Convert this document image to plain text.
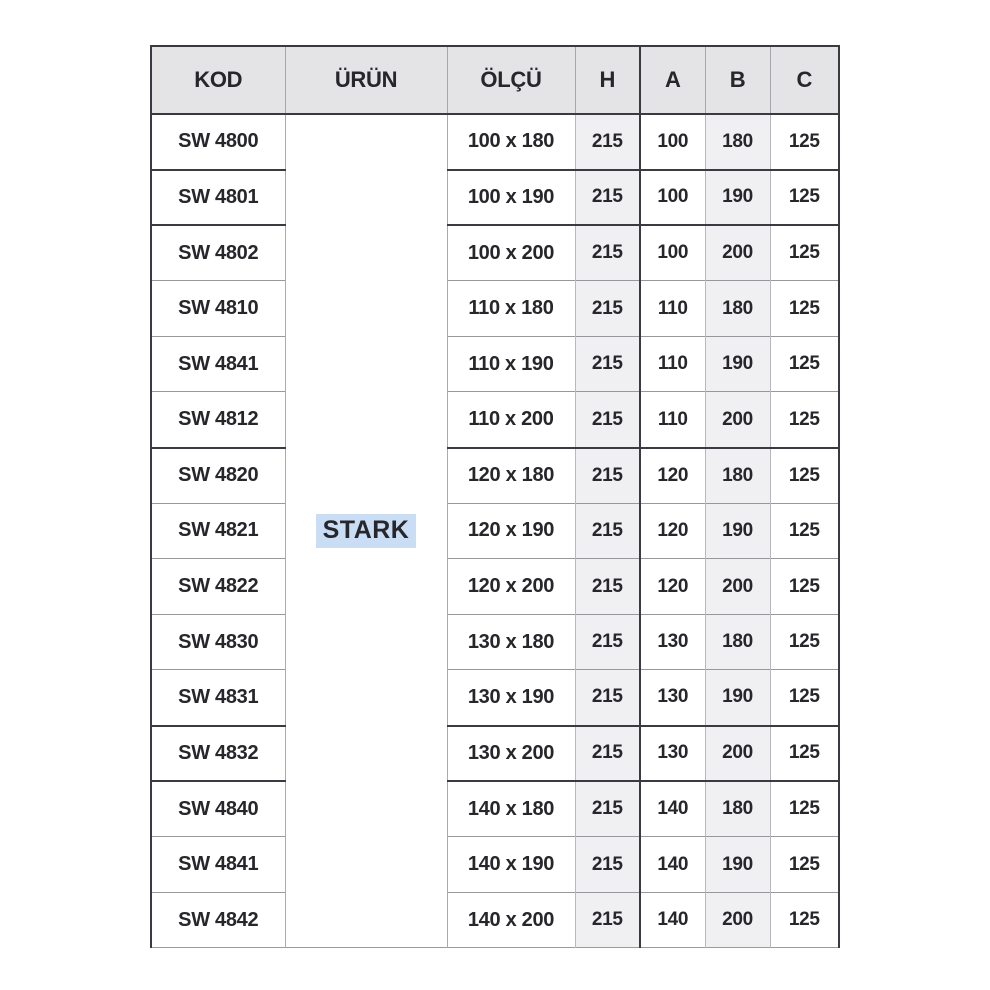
KOD	ÜRÜN	ÖLÇÜ	H	A	B	C
SW 4800	STARK	100 x 180	215	100	180	125
SW 4801		100 x 190	215	100	190	125
SW 4802		100 x 200	215	100	200	125
SW 4810		110 x 180	215	110	180	125
SW 4841		110 x 190	215	110	190	125
SW 4812		110 x 200	215	110	200	125
SW 4820		120 x 180	215	120	180	125
SW 4821		120 x 190	215	120	190	125
SW 4822		120 x 200	215	120	200	125
SW 4830		130 x 180	215	130	180	125
SW 4831		130 x 190	215	130	190	125
SW 4832		130 x 200	215	130	200	125
SW 4840		140 x 180	215	140	180	125
SW 4841		140 x 190	215	140	190	125
SW 4842		140 x 200	215	140	200	125
